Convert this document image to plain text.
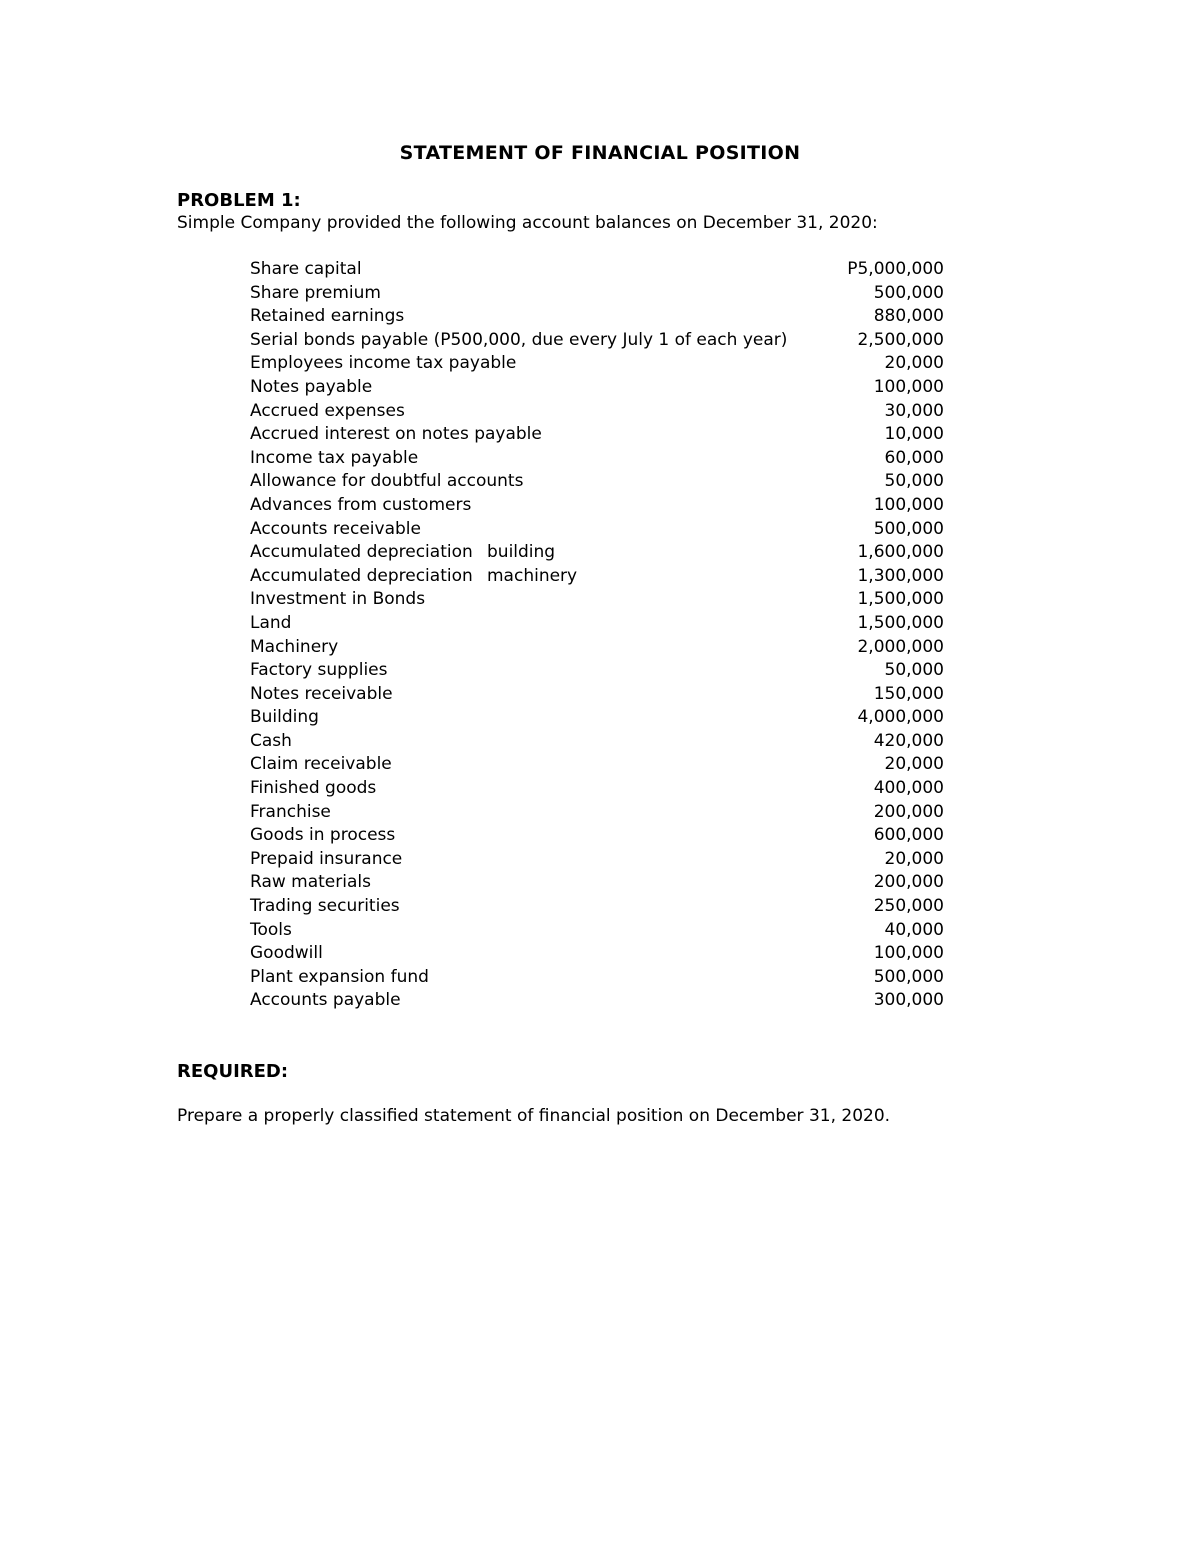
STATEMENT OF FINANCIAL POSITION
PROBLEM 1:
Simple Company provided the following account balances on December 31, 2020:
Share capital	P5,000,000
Share premium	500,000
Retained earnings	880,000
Serial bonds payable (P500,000, due every July 1 of each year)	2,500,000
Employees income tax payable	20,000
Notes payable	100,000
Accrued expenses	30,000
Accrued interest on notes payable	10,000
Income tax payable	60,000
Allowance for doubtful accounts	50,000
Advances from customers	100,000
Accounts receivable	500,000
Accumulated depreciation building	1,600,000
Accumulated depreciation machinery	1,300,000
Investment in Bonds	1,500,000
Land	1,500,000
Machinery	2,000,000
Factory supplies	50,000
Notes receivable	150,000
Building	4,000,000
Cash	420,000
Claim receivable	20,000
Finished goods	400,000
Franchise	200,000
Goods in process	600,000
Prepaid insurance	20,000
Raw materials	200,000
Trading securities	250,000
Tools	40,000
Goodwill	100,000
Plant expansion fund	500,000
Accounts payable	300,000
REQUIRED:
Prepare a properly classified statement of financial position on December 31, 2020.
